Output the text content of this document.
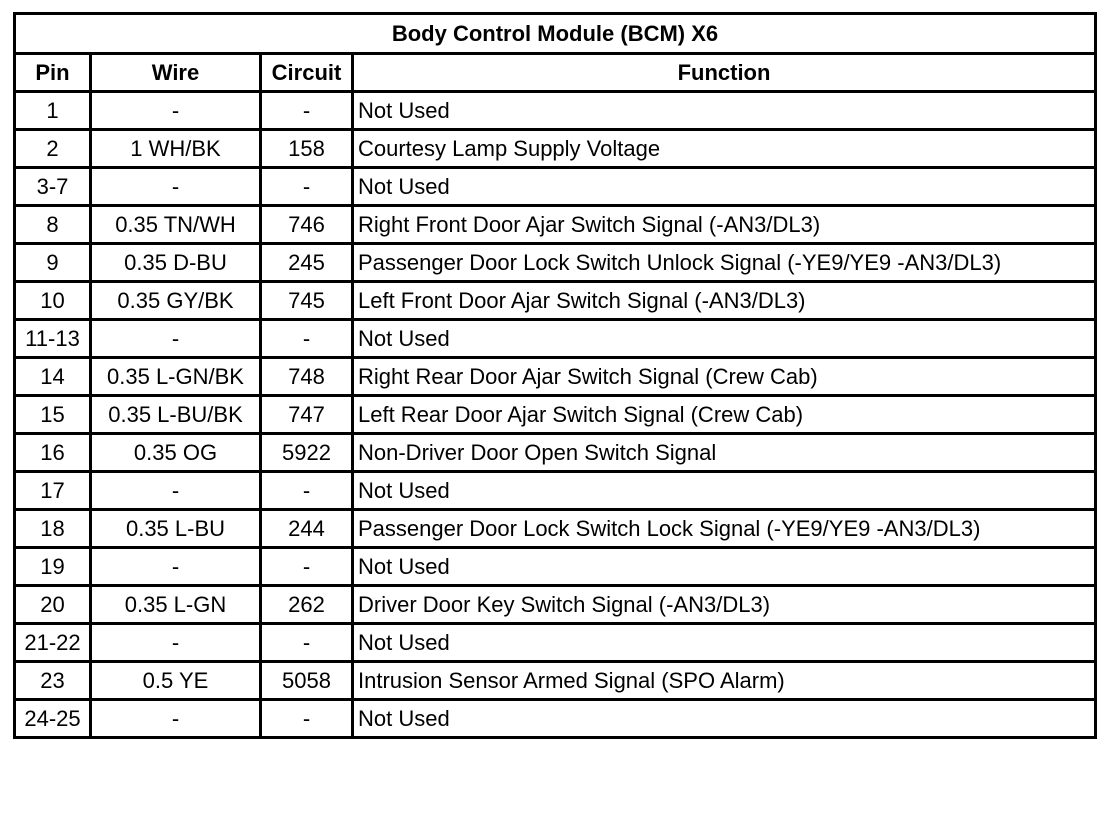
Body Control Module (BCM) X6			
Pin	Wire	Circuit	Function
1	-	-	Not Used
2	1 WH/BK	158	Courtesy Lamp Supply Voltage
3-7	-	-	Not Used
8	0.35 TN/WH	746	Right Front Door Ajar Switch Signal (-AN3/DL3)
9	0.35 D-BU	245	Passenger Door Lock Switch Unlock Signal (-YE9/YE9 -AN3/DL3)
10	0.35 GY/BK	745	Left Front Door Ajar Switch Signal (-AN3/DL3)
11-13	-	-	Not Used
14	0.35 L-GN/BK	748	Right Rear Door Ajar Switch Signal (Crew Cab)
15	0.35 L-BU/BK	747	Left Rear Door Ajar Switch Signal (Crew Cab)
16	0.35 OG	5922	Non-Driver Door Open Switch Signal
17	-	-	Not Used
18	0.35 L-BU	244	Passenger Door Lock Switch Lock Signal (-YE9/YE9 -AN3/DL3)
19	-	-	Not Used
20	0.35 L-GN	262	Driver Door Key Switch Signal (-AN3/DL3)
21-22	-	-	Not Used
23	0.5 YE	5058	Intrusion Sensor Armed Signal (SPO Alarm)
24-25	-	-	Not Used
